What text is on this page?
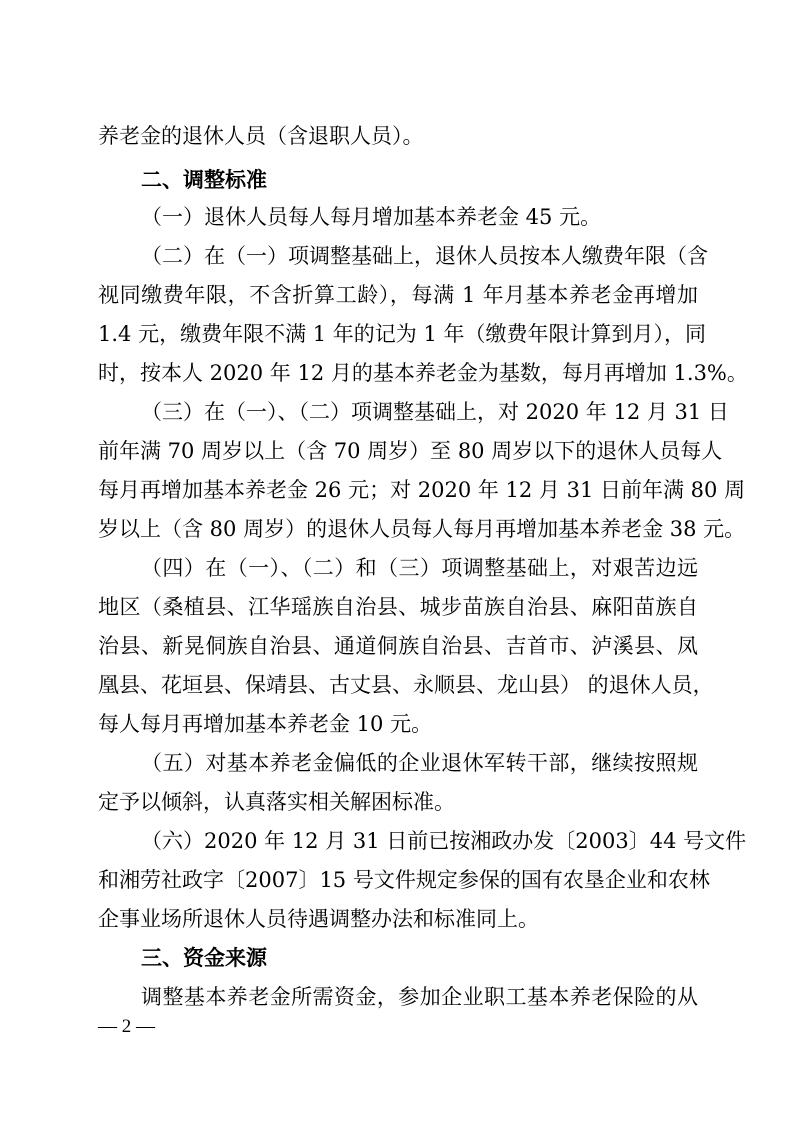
养老金的退休人员（含退职人员）。
二、调整标准
（一）退休人员每人每月增加基本养老金 45 元。
（二）在（一）项调整基础上，退休人员按本人缴费年限（含
视同缴费年限，不含折算工龄），每满 1 年月基本养老金再增加
1.4 元，缴费年限不满 1 年的记为 1 年（缴费年限计算到月），同
时，按本人 2020 年 12 月的基本养老金为基数，每月再增加 1.3%。
（三）在（一）、（二）项调整基础上，对 2020 年 12 月 31 日
前年满 70 周岁以上（含 70 周岁）至 80 周岁以下的退休人员每人
每月再增加基本养老金 26 元；对 2020 年 12 月 31 日前年满 80 周
岁以上（含 80 周岁）的退休人员每人每月再增加基本养老金 38 元。
（四）在（一）、（二）和（三）项调整基础上，对艰苦边远
地区（桑植县、江华瑶族自治县、城步苗族自治县、麻阳苗族自
治县、新晃侗族自治县、通道侗族自治县、吉首市、泸溪县、凤
凰县、花垣县、保靖县、古丈县、永顺县、龙山县） 的退休人员，
每人每月再增加基本养老金 10 元。
（五）对基本养老金偏低的企业退休军转干部，继续按照规
定予以倾斜，认真落实相关解困标准。
（六）2020 年 12 月 31 日前已按湘政办发〔2003〕44 号文件
和湘劳社政字〔2007〕15 号文件规定参保的国有农垦企业和农林
企事业场所退休人员待遇调整办法和标准同上。
三、资金来源
调整基本养老金所需资金，参加企业职工基本养老保险的从
— 2 —
